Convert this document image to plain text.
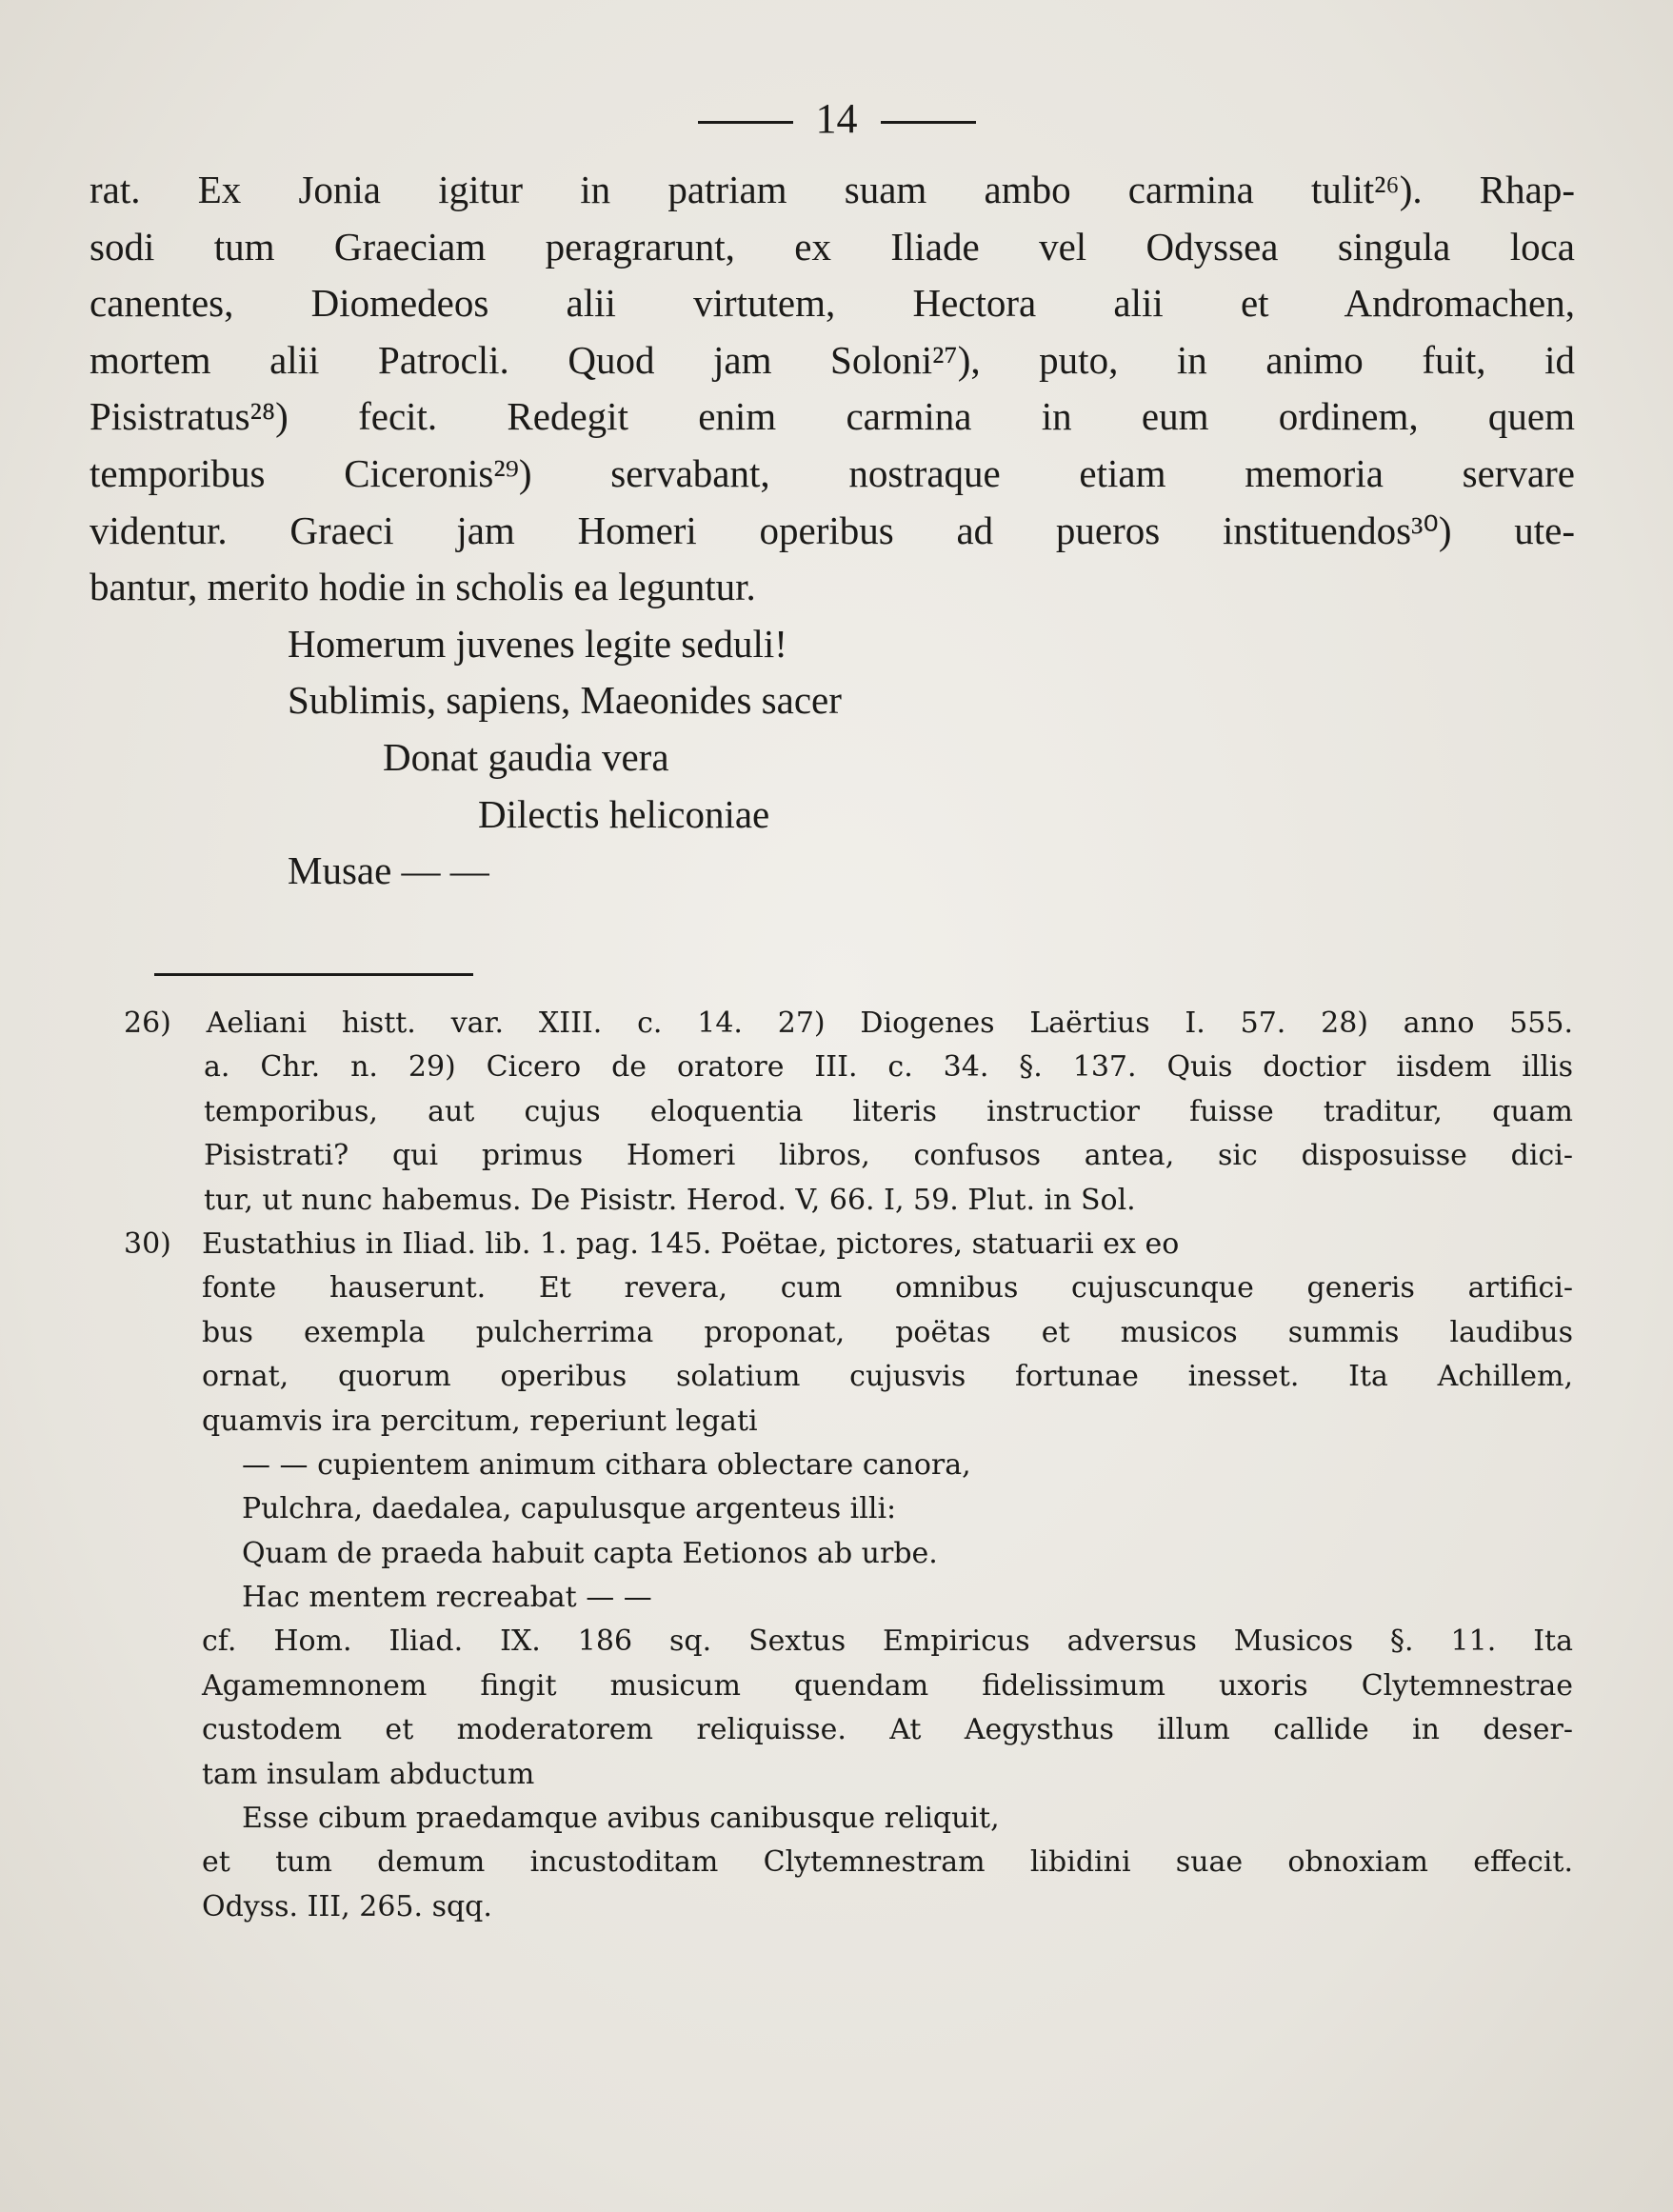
14
rat. Ex Jonia igitur in patriam suam ambo carmina tulit²⁶). Rhap-
sodi tum Graeciam peragrarunt, ex Iliade vel Odyssea singula loca
canentes, Diomedeos alii virtutem, Hectora alii et Andromachen,
mortem alii Patrocli. Quod jam Soloni²⁷), puto, in animo fuit, id
Pisistratus²⁸) fecit. Redegit enim carmina in eum ordinem, quem
temporibus Ciceronis²⁹) servabant, nostraque etiam memoria servare
videntur. Graeci jam Homeri operibus ad pueros instituendos³⁰) ute-
bantur, merito hodie in scholis ea leguntur.
Homerum juvenes legite seduli!
Sublimis, sapiens, Maeonides sacer
Donat gaudia vera
Dilectis heliconiae
Musae — —
26) Aeliani histt. var. XIII. c. 14. 27) Diogenes Laërtius I. 57. 28) anno 555.
a. Chr. n. 29) Cicero de oratore III. c. 34. §. 137. Quis doctior iisdem illis
temporibus, aut cujus eloquentia literis instructior fuisse traditur, quam
Pisistrati? qui primus Homeri libros, confusos antea, sic disposuisse dici-
tur, ut nunc habemus. De Pisistr. Herod. V, 66. I, 59. Plut. in Sol.
30) Eustathius in Iliad. lib. 1. pag. 145. Poëtae, pictores, statuarii ex eo
fonte hauserunt. Et revera, cum omnibus cujuscunque generis artifici-
bus exempla pulcherrima proponat, poëtas et musicos summis laudibus
ornat, quorum operibus solatium cujusvis fortunae inesset. Ita Achillem,
quamvis ira percitum, reperiunt legati
— — cupientem animum cithara oblectare canora,
Pulchra, daedalea, capulusque argenteus illi:
Quam de praeda habuit capta Eetionos ab urbe.
Hac mentem recreabat — —
cf. Hom. Iliad. IX. 186 sq. Sextus Empiricus adversus Musicos §. 11. Ita
Agamemnonem fingit musicum quendam fidelissimum uxoris Clytemnestrae
custodem et moderatorem reliquisse. At Aegysthus illum callide in deser-
tam insulam abductum
Esse cibum praedamque avibus canibusque reliquit,
et tum demum incustoditam Clytemnestram libidini suae obnoxiam effecit.
Odyss. III, 265. sqq.
